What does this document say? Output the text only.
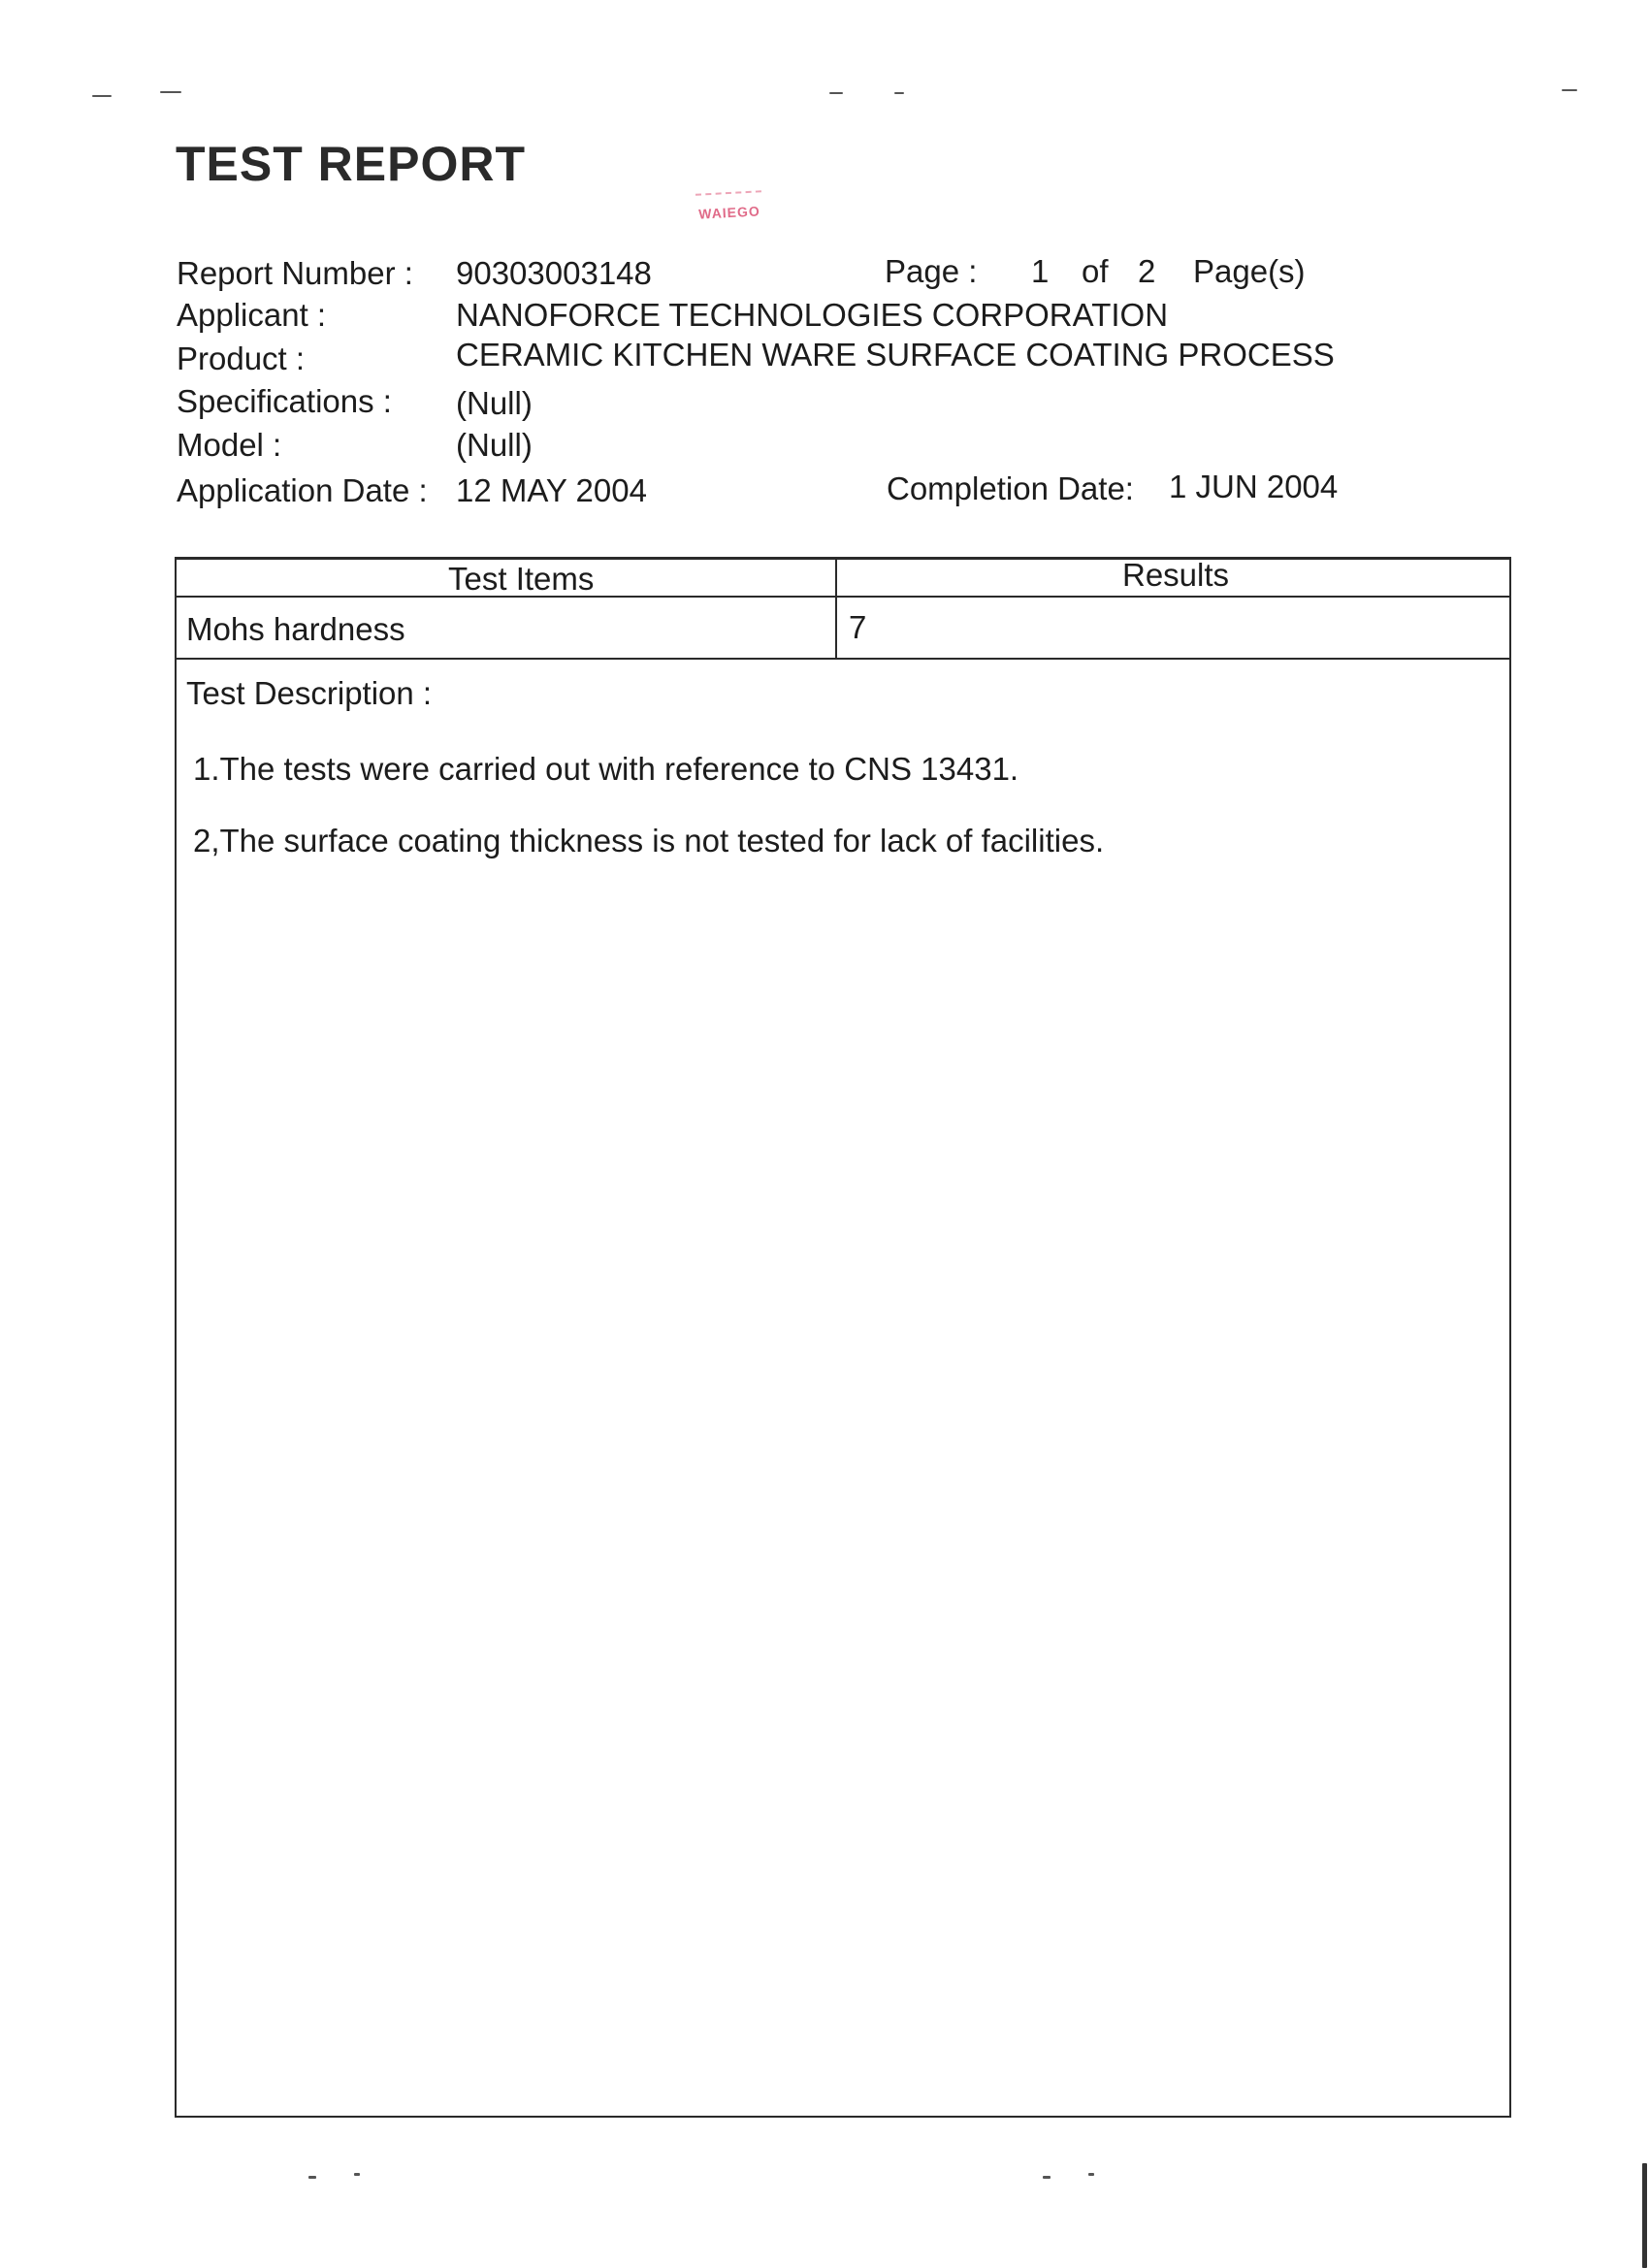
TEST REPORT
WAIEGO
Report Number : 90303003148	Page : 1 of 2 Page(s)
Applicant :	NANOFORCE TECHNOLOGIES CORPORATION
Product :	CERAMIC KITCHEN WARE SURFACE COATING PROCESS
Specifications : (Null)
Model :	(Null)
Application Date : 12 MAY 2004	Completion Date: 1 JUN 2004
Test Items	Results
Mohs hardness	7
Test Description :
1.The tests were carried out with reference to CNS 13431.
2,The surface coating thickness is not tested for lack of facilities.
